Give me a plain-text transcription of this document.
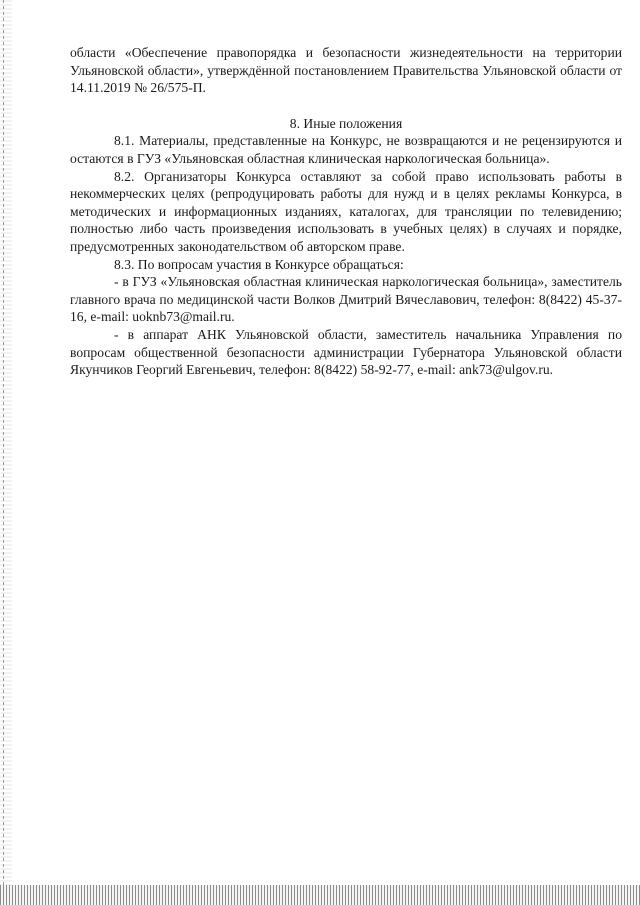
области «Обеспечение правопорядка и безопасности жизнедеятельности на территории Ульяновской области», утверждённой постановлением Правительства Ульяновской области от 14.11.2019 № 26/575-П.

8. Иные положения

8.1. Материалы, представленные на Конкурс, не возвращаются и не рецензируются и остаются в ГУЗ «Ульяновская областная клиническая наркологическая больница».

8.2. Организаторы Конкурса оставляют за собой право использовать работы в некоммерческих целях (репродуцировать работы для нужд и в целях рекламы Конкурса, в методических и информационных изданиях, каталогах, для трансляции по телевидению; полностью либо часть произведения использовать в учебных целях) в случаях и порядке, предусмотренных законодательством об авторском праве.

8.3. По вопросам участия в Конкурсе обращаться:

- в ГУЗ «Ульяновская областная клиническая наркологическая больница», заместитель главного врача по медицинской части Волков Дмитрий Вячеславович, телефон: 8(8422) 45-37-16, e-mail: uoknb73@mail.ru.

- в аппарат АНК Ульяновской области, заместитель начальника Управления по вопросам общественной безопасности администрации Губернатора Ульяновской области Якунчиков Георгий Евгеньевич, телефон: 8(8422) 58-92-77, e-mail: ank73@ulgov.ru.
